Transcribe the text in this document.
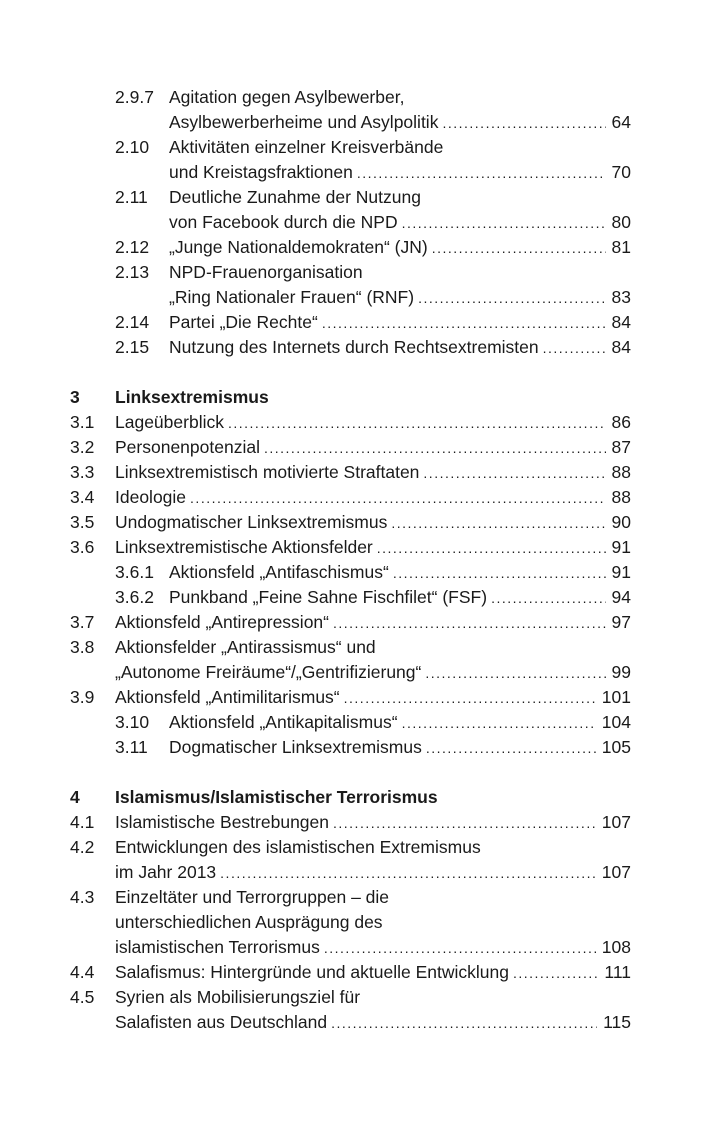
2.9.7 Agitation gegen Asylbewerber,
Asylbewerberheime und Asylpolitik .....	64
2.10 Aktivitäten einzelner Kreisverbände
und Kreistagsfraktionen .....	70
2.11 Deutliche Zunahme der Nutzung
von Facebook durch die NPD .....	80
2.12 „Junge Nationaldemokraten“ (JN) .....	81
2.13 NPD-Frauenorganisation
„Ring Nationaler Frauen“ (RNF) .....	83
2.14 Partei „Die Rechte“ .....	84
2.15 Nutzung des Internets durch Rechtsextremisten .....	84
3 Linksextremismus
3.1 Lageüberblick .....	86
3.2 Personenpotenzial .....	87
3.3 Linksextremistisch motivierte Straftaten .....	88
3.4 Ideologie .....	88
3.5 Undogmatischer Linksextremismus .....	90
3.6 Linksextremistische Aktionsfelder .....	91
3.6.1 Aktionsfeld „Antifaschismus“ .....	91
3.6.2 Punkband „Feine Sahne Fischfilet“ (FSF) .....	94
3.7 Aktionsfeld „Antirepression“ .....	97
3.8 Aktionsfelder „Antirassismus“ und
„Autonome Freiräume“/„Gentrifizierung“ .....	99
3.9 Aktionsfeld „Antimilitarismus“ .....	101
3.10 Aktionsfeld „Antikapitalismus“ .....	104
3.11 Dogmatischer Linksextremismus .....	105
4 Islamismus/Islamistischer Terrorismus
4.1 Islamistische Bestrebungen .....	107
4.2 Entwicklungen des islamistischen Extremismus
im Jahr 2013 .....	107
4.3 Einzeltäter und Terrorgruppen – die
unterschiedlichen Ausprägung des
islamistischen Terrorismus .....	108
4.4 Salafismus: Hintergründe und aktuelle Entwicklung .....	111
4.5 Syrien als Mobilisierungsziel für
Salafisten aus Deutschland .....	115
